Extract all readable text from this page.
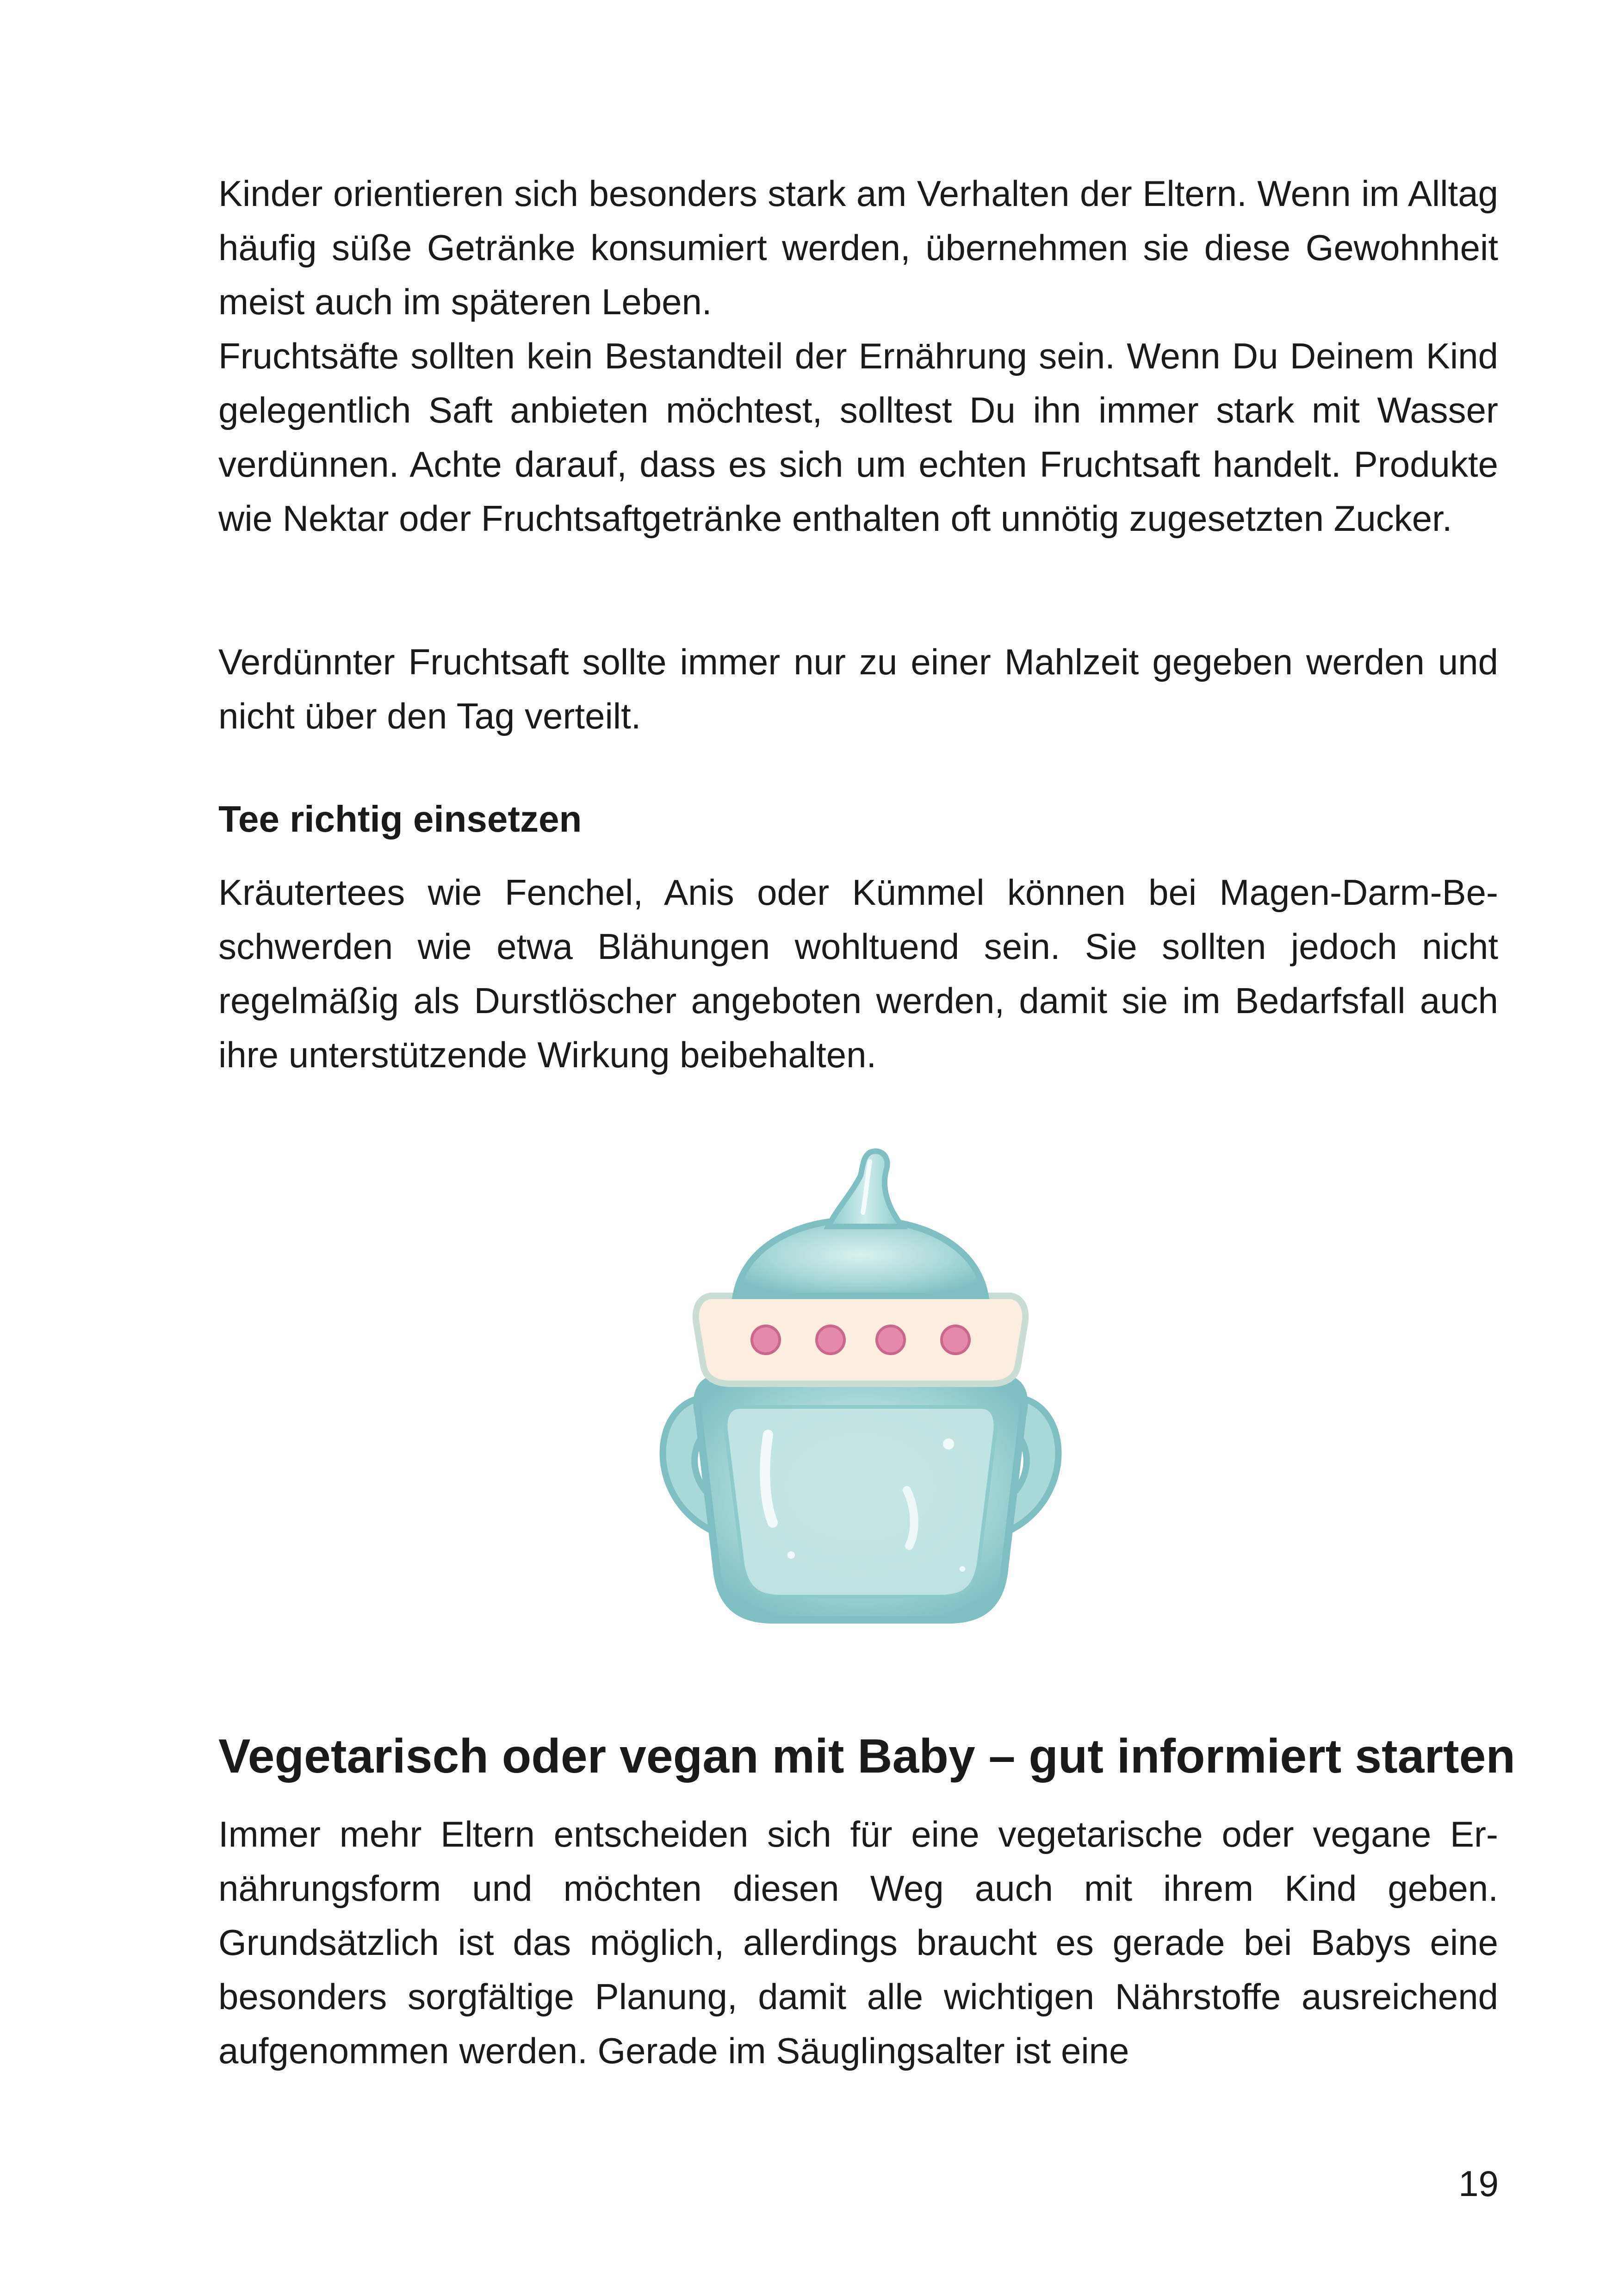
Kinder orientieren sich besonders stark am Verhalten der Eltern. Wenn im Alltag häufig süße Getränke konsumiert werden, übernehmen sie diese Gewohnheit meist auch im späteren Leben.

Fruchtsäfte sollten kein Bestandteil der Ernährung sein. Wenn Du Deinem Kind gelegentlich Saft anbieten möchtest, solltest Du ihn immer stark mit Wasser verdünnen. Achte darauf, dass es sich um echten Fruchtsaft handelt. Produkte wie Nektar oder Fruchtsaftgetränke enthalten oft unnötig zugesetzten Zucker.

Verdünnter Fruchtsaft sollte immer nur zu einer Mahlzeit gegeben werden und nicht über den Tag verteilt.

Tee richtig einsetzen

Kräutertees wie Fenchel, Anis oder Kümmel können bei Magen-Darm-Beschwerden wie etwa Blähungen wohltuend sein. Sie sollten jedoch nicht regelmäßig als Durstlöscher angeboten werden, damit sie im Bedarfsfall auch ihre unterstützende Wirkung beibehalten.

Vegetarisch oder vegan mit Baby – gut informiert starten

Immer mehr Eltern entscheiden sich für eine vegetarische oder vegane Ernährungsform und möchten diesen Weg auch mit ihrem Kind geben. Grundsätzlich ist das möglich, allerdings braucht es gerade bei Babys eine besonders sorgfältige Planung, damit alle wichtigen Nährstoffe ausreichend aufgenommen werden. Gerade im Säuglingsalter ist eine

19
